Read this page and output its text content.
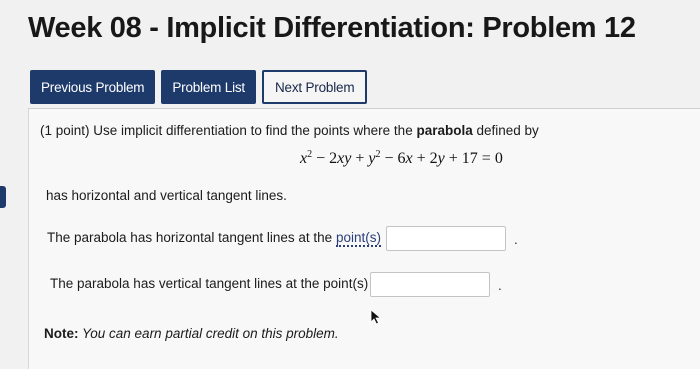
Week 08 - Implicit Differentiation: Problem 12
Previous Problem	Problem List	Next Problem
(1 point) Use implicit differentiation to find the points where the parabola defined by
$x^2 - 2xy + y^2 - 6x + 2y + 17 = 0$
has horizontal and vertical tangent lines.
The parabola has horizontal tangent lines at the point(s)	.
The parabola has vertical tangent lines at the point(s)	.
Note: You can earn partial credit on this problem.
